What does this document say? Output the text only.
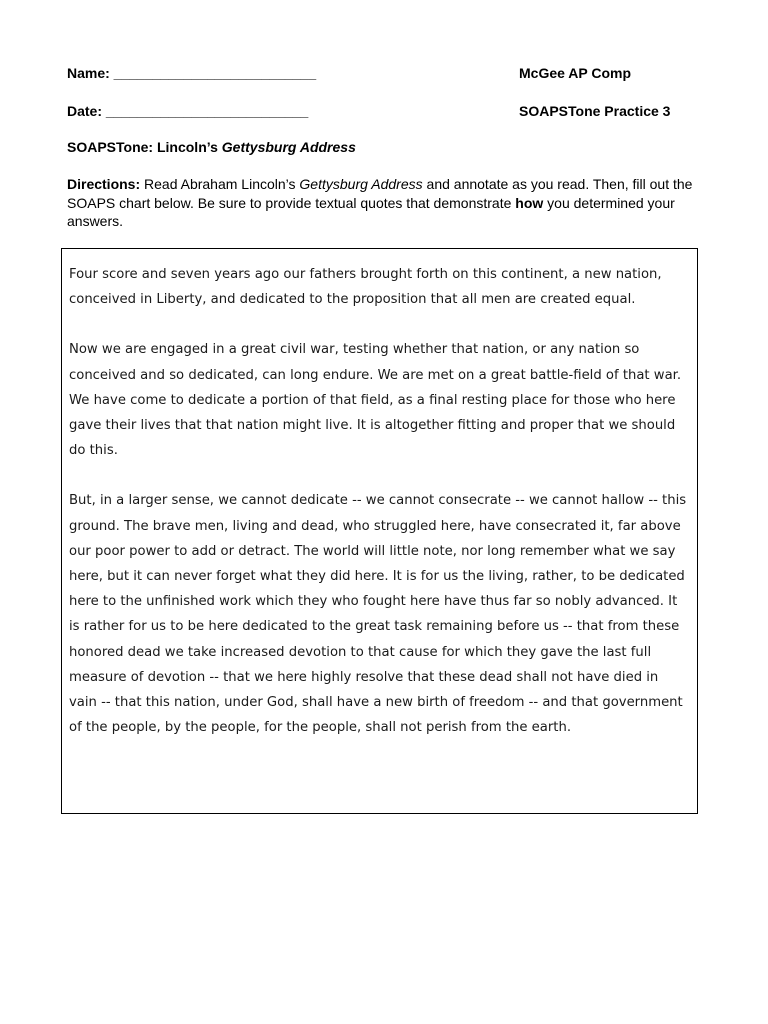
Name: __________________________
Date: __________________________
McGee AP Comp
SOAPSTone Practice 3
SOAPSTone: Lincoln’s Gettysburg Address
Directions: Read Abraham Lincoln’s Gettysburg Address and annotate as you read. Then, fill out the SOAPS chart below. Be sure to provide textual quotes that demonstrate how you determined your answers.

Four score and seven years ago our fathers brought forth on this continent, a new nation, conceived in Liberty, and dedicated to the proposition that all men are created equal.

Now we are engaged in a great civil war, testing whether that nation, or any nation so conceived and so dedicated, can long endure. We are met on a great battle-field of that war. We have come to dedicate a portion of that field, as a final resting place for those who here gave their lives that that nation might live. It is altogether fitting and proper that we should do this.

But, in a larger sense, we cannot dedicate -- we cannot consecrate -- we cannot hallow -- this ground. The brave men, living and dead, who struggled here, have consecrated it, far above our poor power to add or detract. The world will little note, nor long remember what we say here, but it can never forget what they did here. It is for us the living, rather, to be dedicated here to the unfinished work which they who fought here have thus far so nobly advanced. It is rather for us to be here dedicated to the great task remaining before us -- that from these honored dead we take increased devotion to that cause for which they gave the last full measure of devotion -- that we here highly resolve that these dead shall not have died in vain -- that this nation, under God, shall have a new birth of freedom -- and that government of the people, by the people, for the people, shall not perish from the earth.
